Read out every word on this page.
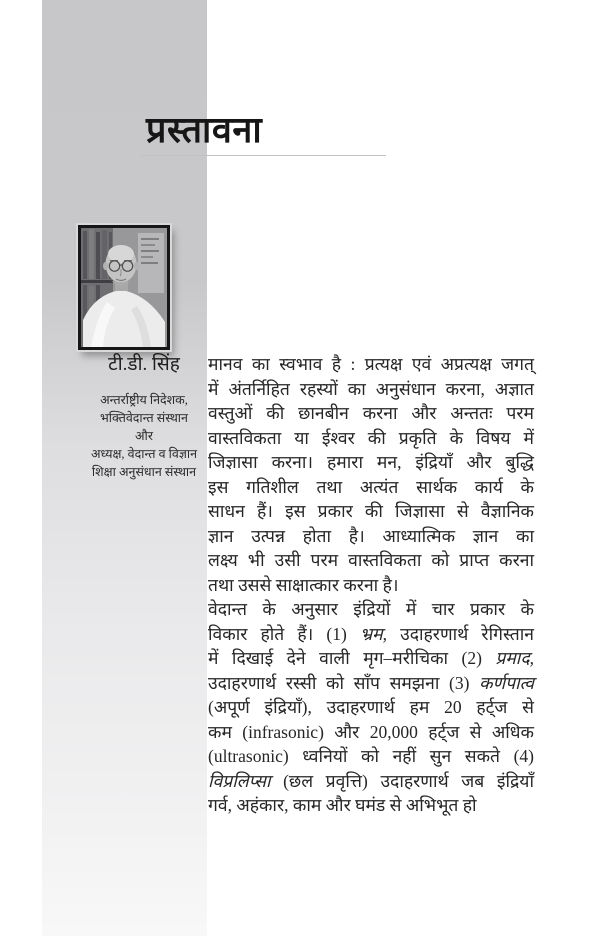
प्रस्तावना
टी.डी. सिंह
अन्तर्राष्ट्रीय निदेशक,
भक्तिवेदान्त संस्थान
और
अध्यक्ष, वेदान्त व विज्ञान
शिक्षा अनुसंधान संस्थान
मानव का स्वभाव है : प्रत्यक्ष एवं अप्रत्यक्ष जगत्
में अंतर्निहित रहस्यों का अनुसंधान करना, अज्ञात
वस्तुओं की छानबीन करना और अन्ततः परम
वास्तविकता या ईश्वर की प्रकृति के विषय में
जिज्ञासा करना। हमारा मन, इंद्रियाँ और बुद्धि
इस गतिशील तथा अत्यंत सार्थक कार्य के
साधन हैं। इस प्रकार की जिज्ञासा से वैज्ञानिक
ज्ञान उत्पन्न होता है। आध्यात्मिक ज्ञान का
लक्ष्य भी उसी परम वास्तविकता को प्राप्त करना
तथा उससे साक्षात्कार करना है।
वेदान्त के अनुसार इंद्रियों में चार प्रकार के
विकार होते हैं। (1) भ्रम, उदाहरणार्थ रेगिस्तान
में दिखाई देने वाली मृग–मरीचिका (2) प्रमाद,
उदाहरणार्थ रस्सी को साँप समझना (3) कर्णपात्व
(अपूर्ण इंद्रियाँ), उदाहरणार्थ हम 20 हर्ट्ज से
कम (infrasonic) और 20,000 हर्ट्ज से अधिक
(ultrasonic) ध्वनियों को नहीं सुन सकते (4)
विप्रलिप्सा (छल प्रवृत्ति) उदाहरणार्थ जब इंद्रियाँ
गर्व, अहंकार, काम और घमंड से अभिभूत हो
